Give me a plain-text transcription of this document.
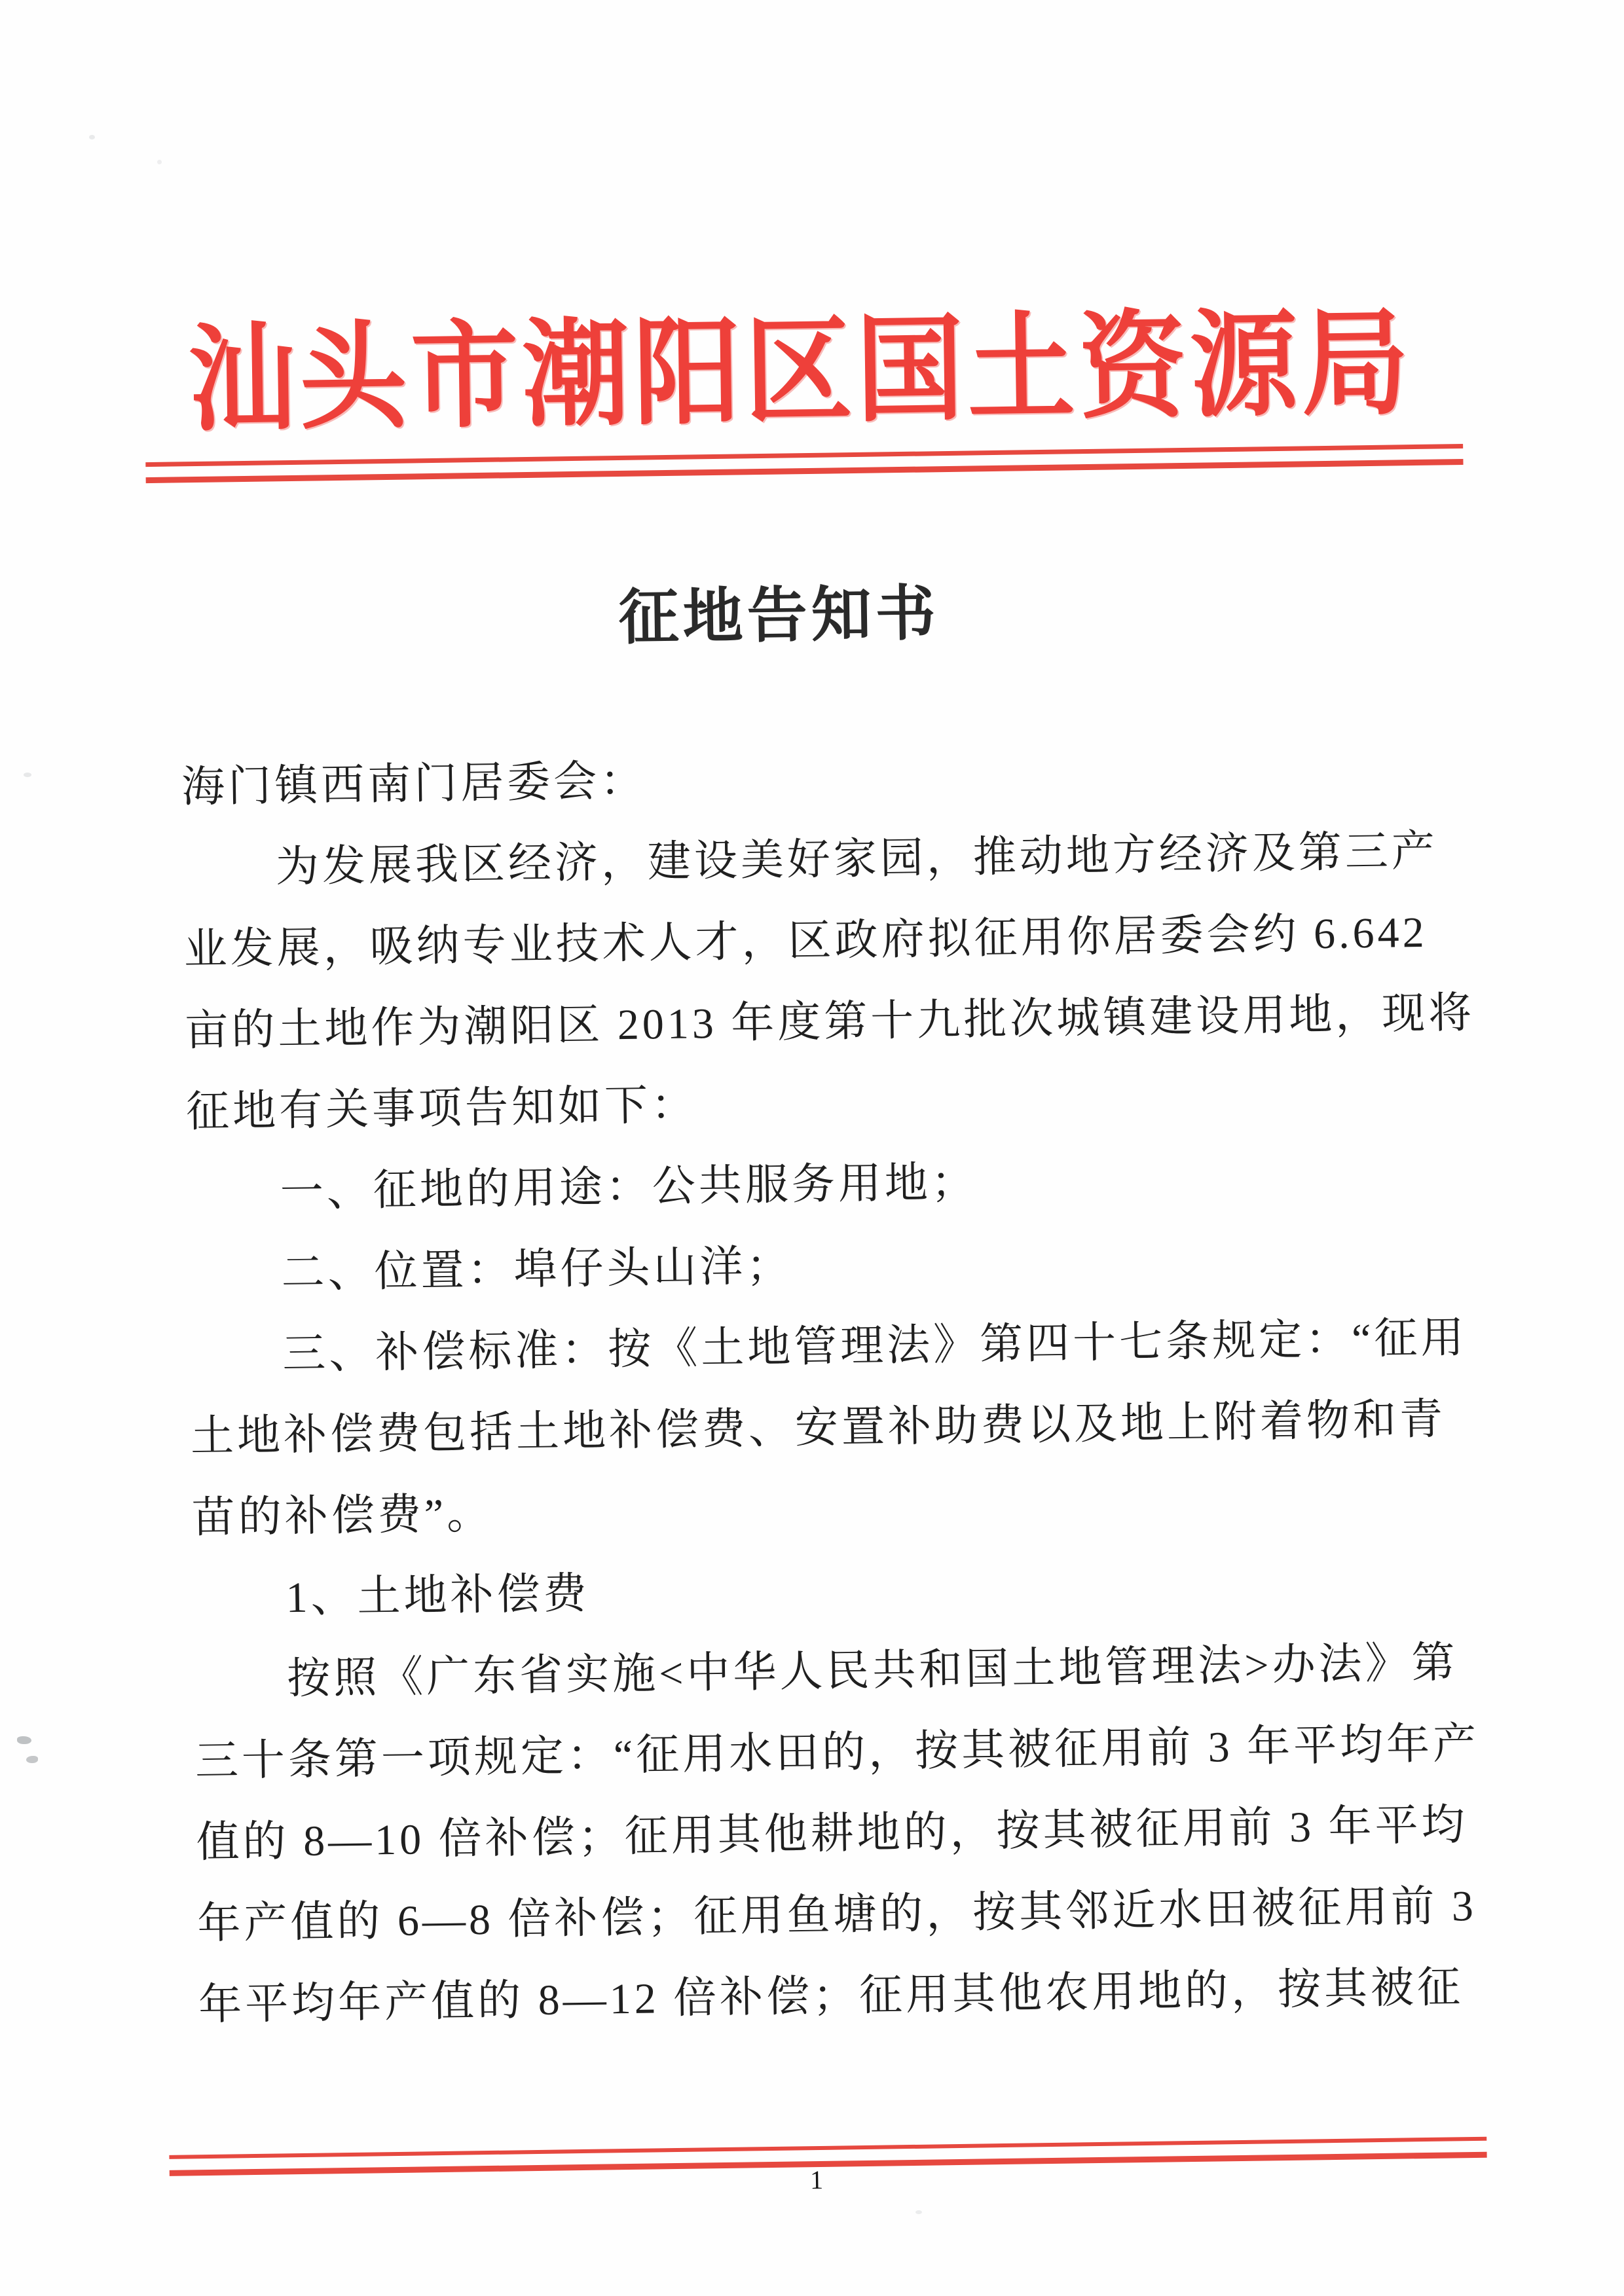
汕头市潮阳区国土资源局
征地告知书
海门镇西南门居委会：
为发展我区经济，建设美好家园，推动地方经济及第三产
业发展，吸纳专业技术人才，区政府拟征用你居委会约 6.642
亩的土地作为潮阳区 2013 年度第十九批次城镇建设用地，现将
征地有关事项告知如下：
一、征地的用途：公共服务用地；
二、位置：埠仔头山洋；
三、补偿标准：按《土地管理法》第四十七条规定：“征用
土地补偿费包括土地补偿费、安置补助费以及地上附着物和青
苗的补偿费”。
1、土地补偿费
按照《广东省实施<中华人民共和国土地管理法>办法》第
三十条第一项规定：“征用水田的，按其被征用前 3 年平均年产
值的 8—10 倍补偿；征用其他耕地的，按其被征用前 3 年平均
年产值的 6—8 倍补偿；征用鱼塘的，按其邻近水田被征用前 3
年平均年产值的 8—12 倍补偿；征用其他农用地的，按其被征
1
